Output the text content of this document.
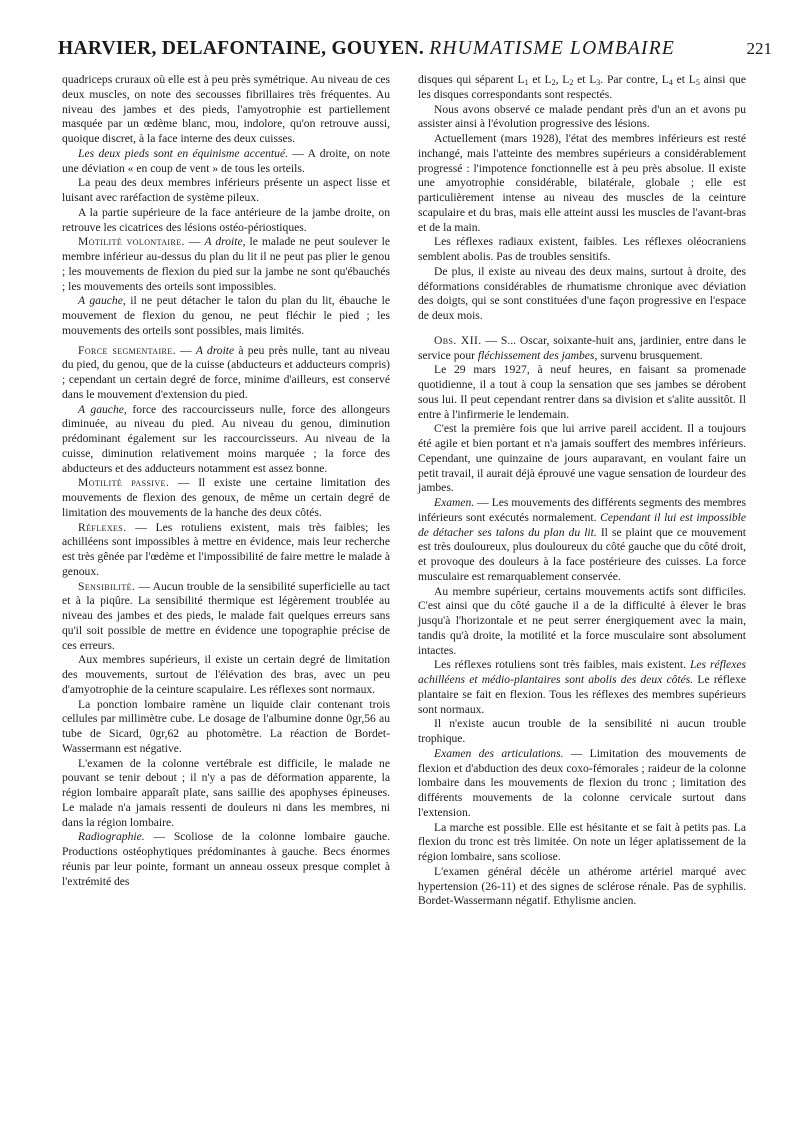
HARVIER, DELAFONTAINE, GOUYEN. RHUMATISME LOMBAIRE	221

quadriceps cruraux où elle est à peu près symétrique. Au niveau de ces deux muscles, on note des secousses fibrillaires très fréquentes. Au niveau des jambes et des pieds, l'amyotrophie est partiellement masquée par un œdème blanc, mou, indolore, qu'on retrouve aussi, quoique discret, à la face interne des deux cuisses.

Les deux pieds sont en équinisme accentué. — A droite, on note une déviation « en coup de vent » de tous les orteils.

La peau des deux membres inférieurs présente un aspect lisse et luisant avec raréfaction de système pileux.

A la partie supérieure de la face antérieure de la jambe droite, on retrouve les cicatrices des lésions ostéo-périostiques.

Motilité volontaire. — A droite, le malade ne peut soulever le membre inférieur au-dessus du plan du lit il ne peut pas plier le genou ; les mouvements de flexion du pied sur la jambe ne sont qu'ébauchés ; les mouvements des orteils sont impossibles.

A gauche, il ne peut détacher le talon du plan du lit, ébauche le mouvement de flexion du genou, ne peut fléchir le pied ; les mouvements des orteils sont possibles, mais limités.

Force segmentaire. — A droite à peu près nulle, tant au niveau du pied, du genou, que de la cuisse (abducteurs et adducteurs compris) ; cependant un certain degré de force, minime d'ailleurs, est conservé dans le mouvement d'extension du pied.

A gauche, force des raccourcisseurs nulle, force des allongeurs diminuée, au niveau du pied. Au niveau du genou, diminution prédominant également sur les raccourcisseurs. Au niveau de la cuisse, diminution relativement moins marquée ; la force des abducteurs et des adducteurs notamment est assez bonne.

Motilité passive. — Il existe une certaine limitation des mouvements de flexion des genoux, de même un certain degré de limitation des mouvements de la hanche des deux côtés.

Réflexes. — Les rotuliens existent, mais très faibles; les achilléens sont impossibles à mettre en évidence, mais leur recherche est très gênée par l'œdème et l'impossibilité de faire mettre le malade à genoux.

Sensibilité. — Aucun trouble de la sensibilité superficielle au tact et à la piqûre. La sensibilité thermique est légèrement troublée au niveau des jambes et des pieds, le malade fait quelques erreurs sans qu'il soit possible de mettre en évidence une topographie précise de ces erreurs.

Aux membres supérieurs, il existe un certain degré de limitation des mouvements, surtout de l'élévation des bras, avec un peu d'amyotrophie de la ceinture scapulaire. Les réflexes sont normaux.

La ponction lombaire ramène un liquide clair contenant trois cellules par millimètre cube. Le dosage de l'albumine donne 0gr,56 au tube de Sicard, 0gr,62 au photomètre. La réaction de Bordet-Wassermann est négative.

L'examen de la colonne vertébrale est difficile, le malade ne pouvant se tenir debout ; il n'y a pas de déformation apparente, la région lombaire apparaît plate, sans saillie des apophyses épineuses. Le malade n'a jamais ressenti de douleurs ni dans les membres, ni dans la région lombaire.

Radiographie. — Scoliose de la colonne lombaire gauche. Productions ostéophytiques prédominantes à gauche. Becs énormes réunis par leur pointe, formant un anneau osseux presque complet à l'extrémité des

disques qui séparent $L_1$ et $L_2$, $L_2$ et $L_3$. Par contre, $L_4$ et $L_5$ ainsi que les disques correspondants sont respectés.

Nous avons observé ce malade pendant près d'un an et avons pu assister ainsi à l'évolution progressive des lésions.

Actuellement (mars 1928), l'état des membres inférieurs est resté inchangé, mais l'atteinte des membres supérieurs a considérablement progressé : l'impotence fonctionnelle est à peu près absolue. Il existe une amyotrophie considérable, bilatérale, globale ; elle est particulièrement intense au niveau des muscles de la ceinture scapulaire et du bras, mais elle atteint aussi les muscles de l'avant-bras et de la main.

Les réflexes radiaux existent, faibles. Les réflexes oléocraniens semblent abolis. Pas de troubles sensitifs.

De plus, il existe au niveau des deux mains, surtout à droite, des déformations considérables de rhumatisme chronique avec déviation des doigts, qui se sont constituées d'une façon progressive en l'espace de deux mois.

Obs. XII. — S... Oscar, soixante-huit ans, jardinier, entre dans le service pour fléchissement des jambes, survenu brusquement.

Le 29 mars 1927, à neuf heures, en faisant sa promenade quotidienne, il a tout à coup la sensation que ses jambes se dérobent sous lui. Il peut cependant rentrer dans sa division et s'alite aussitôt. Il entre à l'infirmerie le lendemain.

C'est la première fois que lui arrive pareil accident. Il a toujours été agile et bien portant et n'a jamais souffert des membres inférieurs. Cependant, une quinzaine de jours auparavant, en voulant faire un petit travail, il aurait déjà éprouvé une vague sensation de lourdeur des jambes.

Examen. — Les mouvements des différents segments des membres inférieurs sont exécutés normalement. Cependant il lui est impossible de détacher ses talons du plan du lit. Il se plaint que ce mouvement est très douloureux, plus douloureux du côté gauche que du côté droit, et provoque des douleurs à la face postérieure des cuisses. La force musculaire est remarquablement conservée.

Au membre supérieur, certains mouvements actifs sont difficiles. C'est ainsi que du côté gauche il a de la difficulté à élever le bras jusqu'à l'horizontale et ne peut serrer énergiquement avec la main, tandis qu'à droite, la motilité et la force musculaire sont absolument intactes.

Les réflexes rotuliens sont très faibles, mais existent. Les réflexes achilléens et médio-plantaires sont abolis des deux côtés. Le réflexe plantaire se fait en flexion. Tous les réflexes des membres supérieurs sont normaux.

Il n'existe aucun trouble de la sensibilité ni aucun trouble trophique.

Examen des articulations. — Limitation des mouvements de flexion et d'abduction des deux coxo-fémorales ; raideur de la colonne lombaire dans les mouvements de flexion du tronc ; limitation des différents mouvements de la colonne cervicale surtout dans l'extension.

La marche est possible. Elle est hésitante et se fait à petits pas. La flexion du tronc est très limitée. On note un léger aplatissement de la région lombaire, sans scoliose.

L'examen général décèle un athérome artériel marqué avec hypertension (26-11) et des signes de sclérose rénale. Pas de syphilis. Bordet-Wassermann négatif. Ethylisme ancien.
